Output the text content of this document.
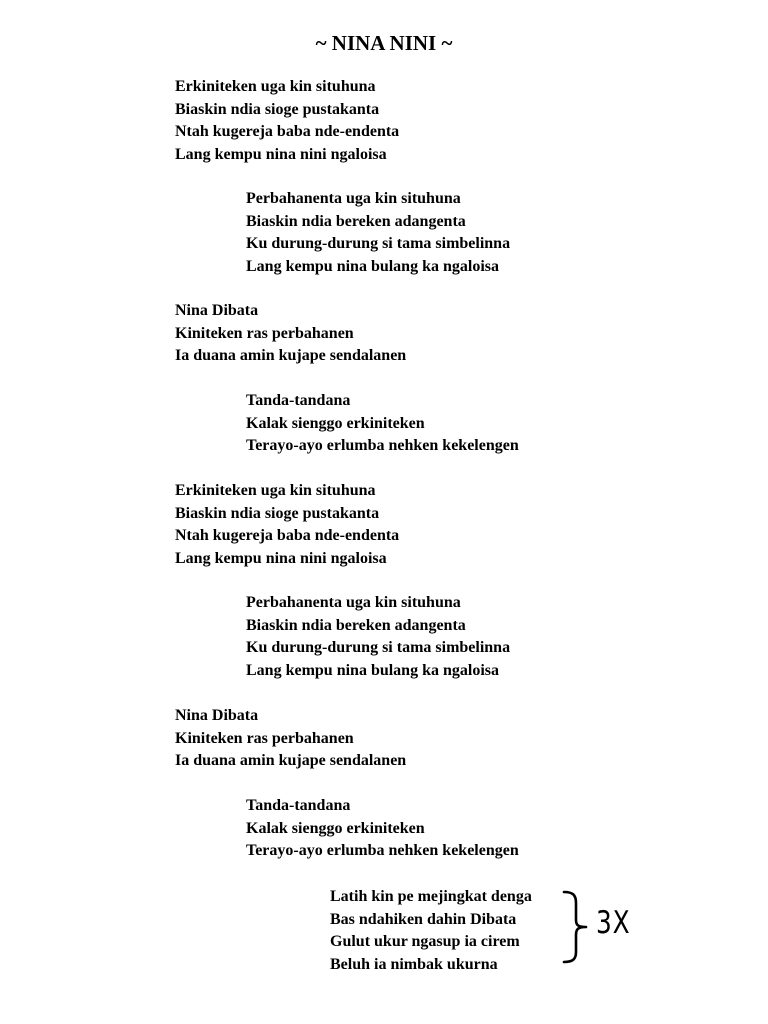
~ NINA NINI ~
Erkiniteken uga kin situhuna
Biaskin ndia sioge pustakanta
Ntah kugereja baba nde-endenta
Lang kempu nina nini ngaloisa
Perbahanenta uga kin situhuna
Biaskin ndia bereken adangenta
Ku durung-durung si tama simbelinna
Lang kempu nina bulang ka ngaloisa
Nina Dibata
Kiniteken ras perbahanen
Ia duana amin kujape sendalanen
Tanda-tandana
Kalak sienggo erkiniteken
Terayo-ayo erlumba nehken kekelengen
Erkiniteken uga kin situhuna
Biaskin ndia sioge pustakanta
Ntah kugereja baba nde-endenta
Lang kempu nina nini ngaloisa
Perbahanenta uga kin situhuna
Biaskin ndia bereken adangenta
Ku durung-durung si tama simbelinna
Lang kempu nina bulang ka ngaloisa
Nina Dibata
Kiniteken ras perbahanen
Ia duana amin kujape sendalanen
Tanda-tandana
Kalak sienggo erkiniteken
Terayo-ayo erlumba nehken kekelengen
Latih kin pe mejingkat denga
Bas ndahiken dahin Dibata
Gulut ukur ngasup ia cirem
Beluh ia nimbak ukurna
3X
